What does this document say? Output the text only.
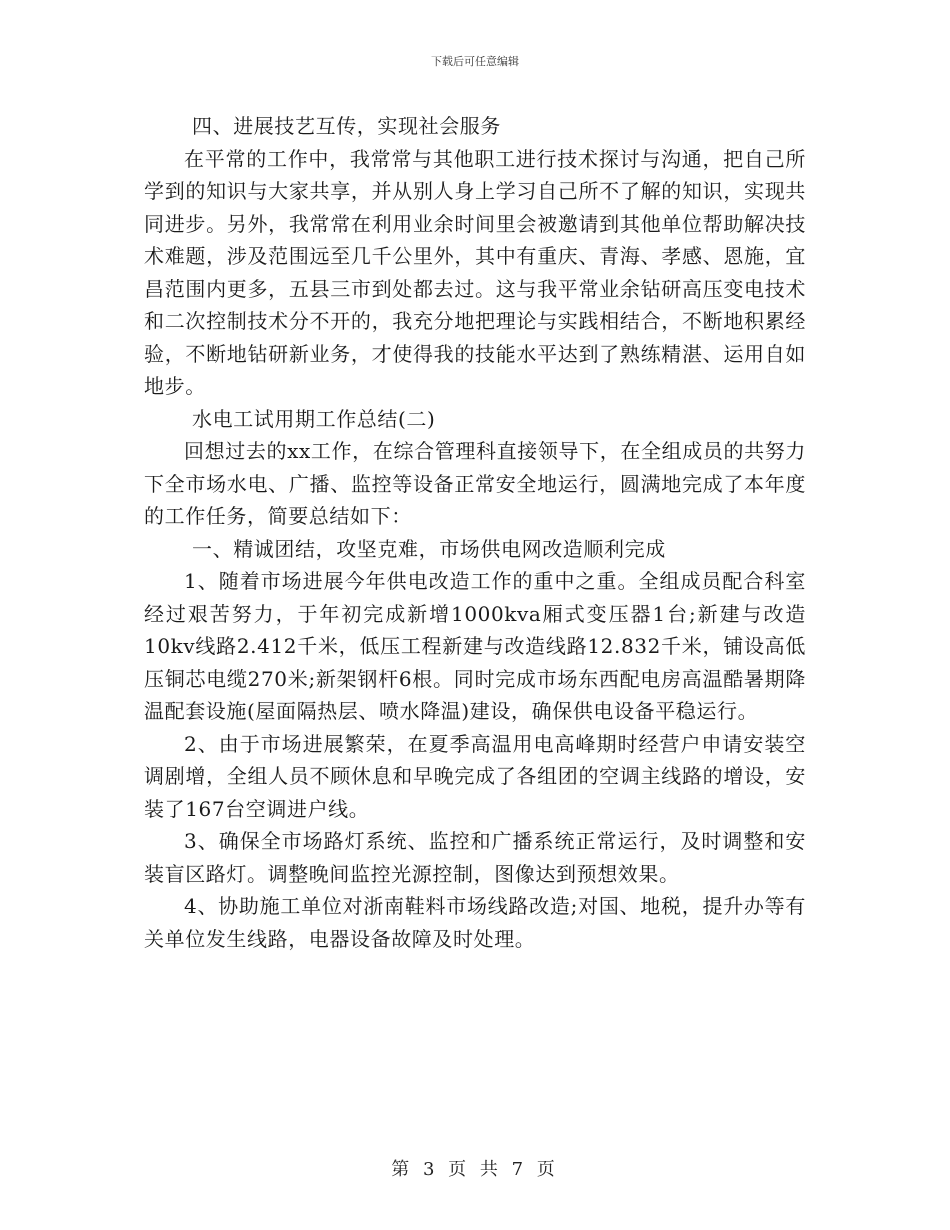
下载后可任意编辑

四、进展技艺互传，实现社会服务

在平常的工作中，我常常与其他职工进行技术探讨与沟通，把自己所学到的知识与大家共享，并从别人身上学习自己所不了解的知识，实现共同进步。另外，我常常在利用业余时间里会被邀请到其他单位帮助解决技术难题，涉及范围远至几千公里外，其中有重庆、青海、孝感、恩施，宜昌范围内更多，五县三市到处都去过。这与我平常业余钻研高压变电技术和二次控制技术分不开的，我充分地把理论与实践相结合，不断地积累经验，不断地钻研新业务，才使得我的技能水平达到了熟练精湛、运用自如地步。

水电工试用期工作总结(二)

回想过去的xx工作，在综合管理科直接领导下，在全组成员的共努力下全市场水电、广播、监控等设备正常安全地运行，圆满地完成了本年度的工作任务，简要总结如下：

一、精诚团结，攻坚克难，市场供电网改造顺利完成

1、随着市场进展今年供电改造工作的重中之重。全组成员配合科室经过艰苦努力，于年初完成新增1000kva厢式变压器1台;新建与改造10kv线路2.412千米，低压工程新建与改造线路12.832千米，铺设高低压铜芯电缆270米;新架钢杆6根。同时完成市场东西配电房高温酷暑期降温配套设施(屋面隔热层、喷水降温)建设，确保供电设备平稳运行。

2、由于市场进展繁荣，在夏季高温用电高峰期时经营户申请安装空调剧增，全组人员不顾休息和早晚完成了各组团的空调主线路的增设，安装了167台空调进户线。

3、确保全市场路灯系统、监控和广播系统正常运行，及时调整和安装盲区路灯。调整晚间监控光源控制，图像达到预想效果。

4、协助施工单位对浙南鞋料市场线路改造;对国、地税，提升办等有关单位发生线路，电器设备故障及时处理。

第 3 页 共 7 页
